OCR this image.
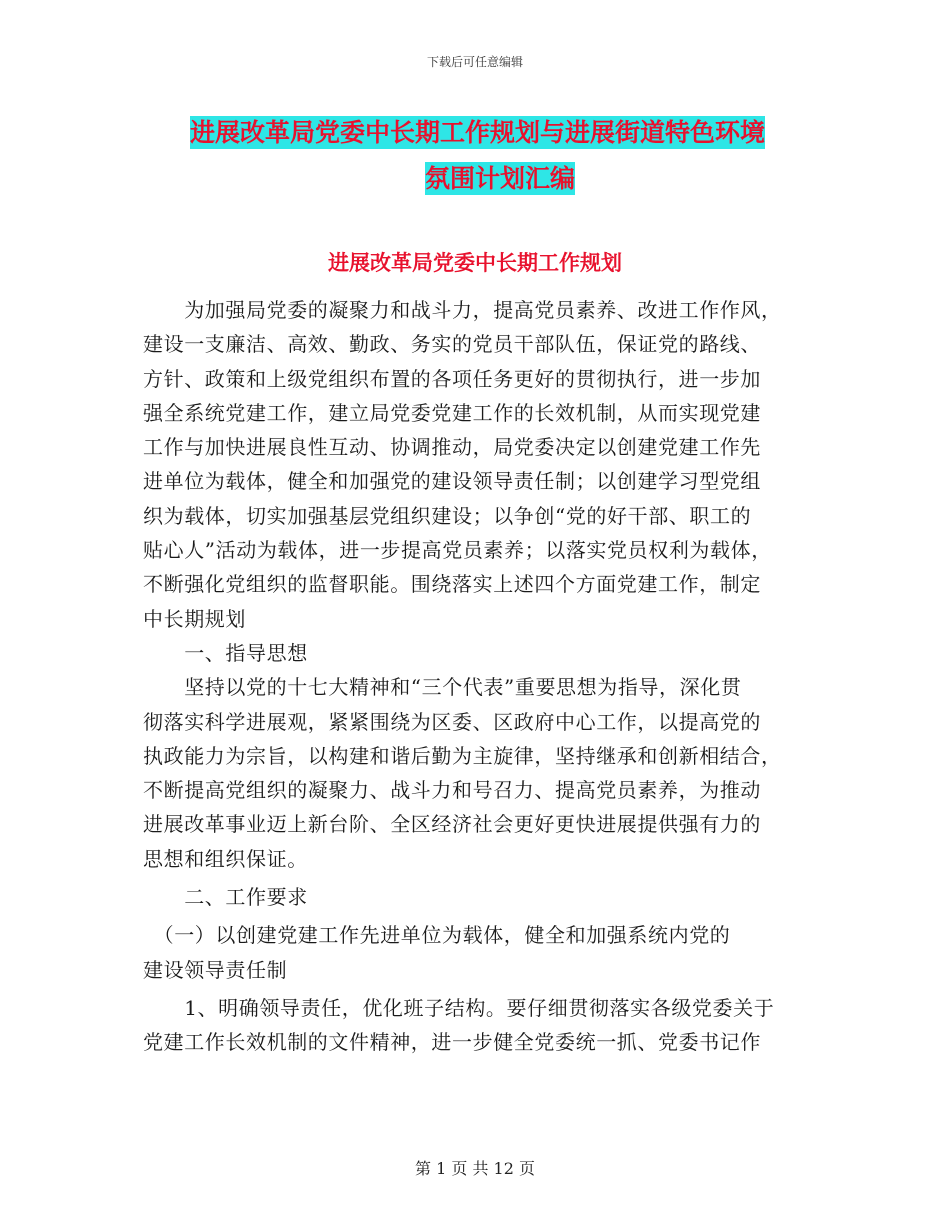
下载后可任意编辑
进展改革局党委中长期工作规划与进展街道特色环境
氛围计划汇编
进展改革局党委中长期工作规划

　　为加强局党委的凝聚力和战斗力，提高党员素养、改进工作作风，

建设一支廉洁、高效、勤政、务实的党员干部队伍，保证党的路线、

方针、政策和上级党组织布置的各项任务更好的贯彻执行，进一步加

强全系统党建工作，建立局党委党建工作的长效机制，从而实现党建

工作与加快进展良性互动、协调推动，局党委决定以创建党建工作先

进单位为载体，健全和加强党的建设领导责任制；以创建学习型党组

织为载体，切实加强基层党组织建设；以争创“党的好干部、职工的

贴心人”活动为载体，进一步提高党员素养；以落实党员权利为载体，

不断强化党组织的监督职能。围绕落实上述四个方面党建工作，制定

中长期规划

　　一、指导思想

　　坚持以党的十七大精神和“三个代表”重要思想为指导，深化贯

彻落实科学进展观，紧紧围绕为区委、区政府中心工作，以提高党的

执政能力为宗旨，以构建和谐后勤为主旋律，坚持继承和创新相结合，

不断提高党组织的凝聚力、战斗力和号召力、提高党员素养，为推动

进展改革事业迈上新台阶、全区经济社会更好更快进展提供强有力的

思想和组织保证。

　　二、工作要求

　（一）以创建党建工作先进单位为载体，健全和加强系统内党的

建设领导责任制

　　1、明确领导责任，优化班子结构。要仔细贯彻落实各级党委关于

党建工作长效机制的文件精神，进一步健全党委统一抓、党委书记作

第 1 页 共 12 页
